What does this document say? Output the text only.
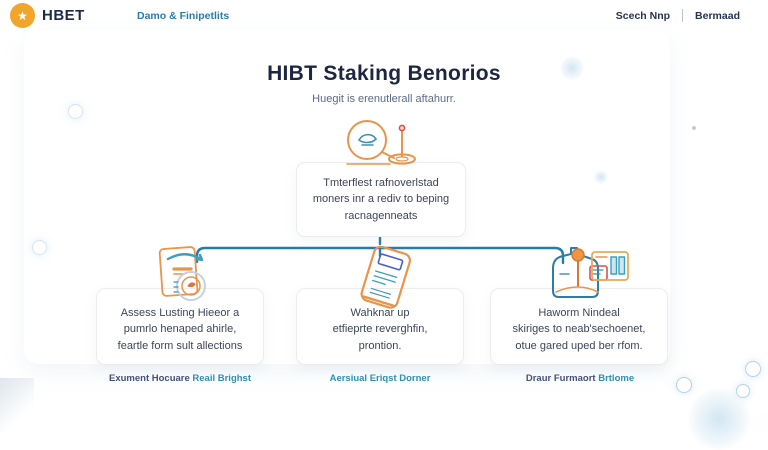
★ HBET	Damo & Finipetlits	Scech Nnp Bermaad
HIBT Staking Benorios
Huegit is erenutlerall aftahurr.
Tmterflest rafnoverlstad
moners inr a rediv to beping
racnagenneats
Assess Lusting Hieeor a
pumrlo henaped ahirle,
feartle form sult allections
Wahknar up
etfieprte reverghfin,
prontion.
Haworm Nindeal
skiriges to neab'sechoenet,
otue gared uped ber rfom.
Exument Hocuare Reail Brighst	Aersiual Eriqst Dorner	Draur Furmaort Brtlome
